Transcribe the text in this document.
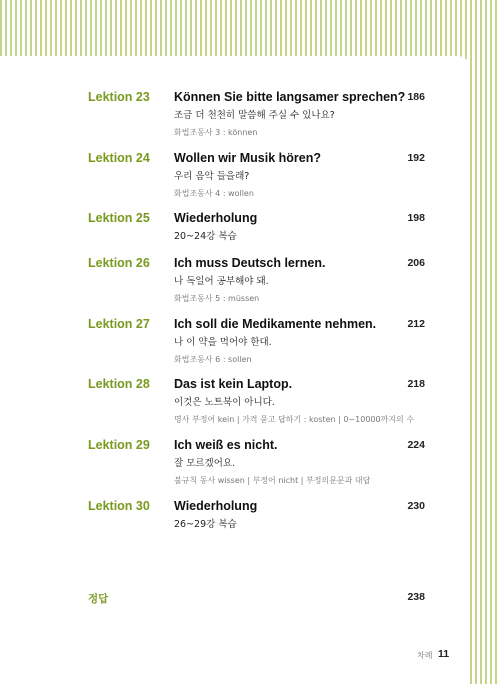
Lektion 23 Können Sie bitte langsamer sprechen?
조금 더 천천히 말씀해 주실 수 있나요?
화법조동사 3 : können
186
Lektion 24 Wollen wir Musik hören?
우리 음악 들을래?
화법조동사 4 : wollen
192
Lektion 25 Wiederholung
20~24강 복습
198
Lektion 26 Ich muss Deutsch lernen.
나 독일어 공부해야 돼.
화법조동사 5 : müssen
206
Lektion 27 Ich soll die Medikamente nehmen.
나 이 약을 먹어야 한대.
화법조동사 6 : sollen
212
Lektion 28 Das ist kein Laptop.
이것은 노트북이 아니다.
명사 부정어 kein | 가격 묻고 답하기 : kosten | 0~10000까지의 수
218
Lektion 29 Ich weiß es nicht.
잘 모르겠어요.
불규칙 동사 wissen | 부정어 nicht | 부정의문문과 대답
224
Lektion 30 Wiederholung
26~29강 복습
230
정답	238
차례 11
